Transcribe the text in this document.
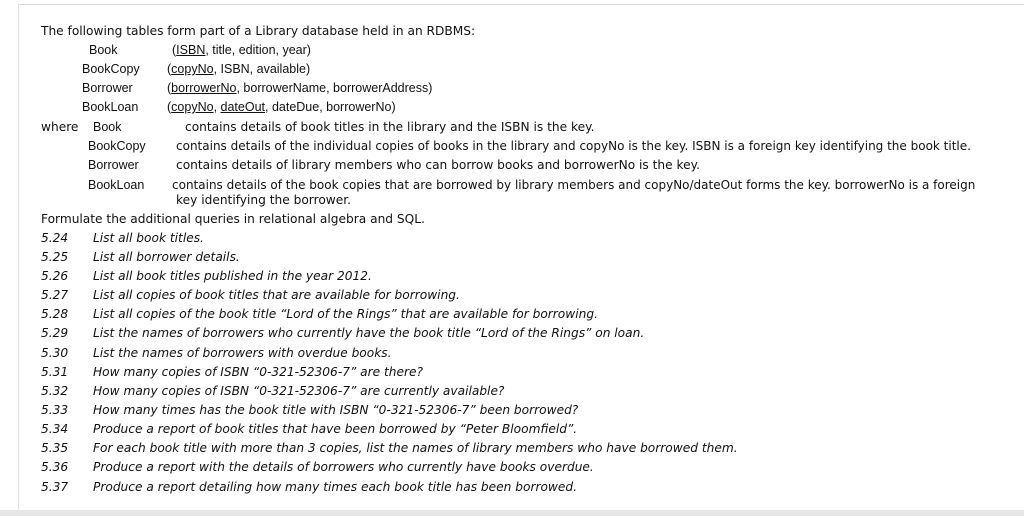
The following tables form part of a Library database held in an RDBMS:
Book	(ISBN, title, edition, year)
BookCopy (copyNo, ISBN, available)
Borrower	(borrowerNo, borrowerName, borrowerAddress)
BookLoan (copyNo, dateOut, dateDue, borrowerNo)
where Book	contains details of book titles in the library and the ISBN is the key.
BookCopy	contains details of the individual copies of books in the library and copyNo is the key. ISBN is a foreign key identifying the book title.
Borrower	contains details of library members who can borrow books and borrowerNo is the key.
BookLoan contains details of the book copies that are borrowed by library members and copyNo/dateOut forms the key. borrowerNo is a foreign
key identifying the borrower.
Formulate the additional queries in relational algebra and SQL.
5.24 List all book titles.
5.25 List all borrower details.
5.26 List all book titles published in the year 2012.
5.27 List all copies of book titles that are available for borrowing.
5.28 List all copies of the book title “Lord of the Rings” that are available for borrowing.
5.29 List the names of borrowers who currently have the book title “Lord of the Rings” on loan.
5.30 List the names of borrowers with overdue books.
5.31 How many copies of ISBN “0-321-52306-7” are there?
5.32 How many copies of ISBN “0-321-52306-7” are currently available?
5.33 How many times has the book title with ISBN “0-321-52306-7” been borrowed?
5.34 Produce a report of book titles that have been borrowed by “Peter Bloomfield”.
5.35 For each book title with more than 3 copies, list the names of library members who have borrowed them.
5.36 Produce a report with the details of borrowers who currently have books overdue.
5.37 Produce a report detailing how many times each book title has been borrowed.
